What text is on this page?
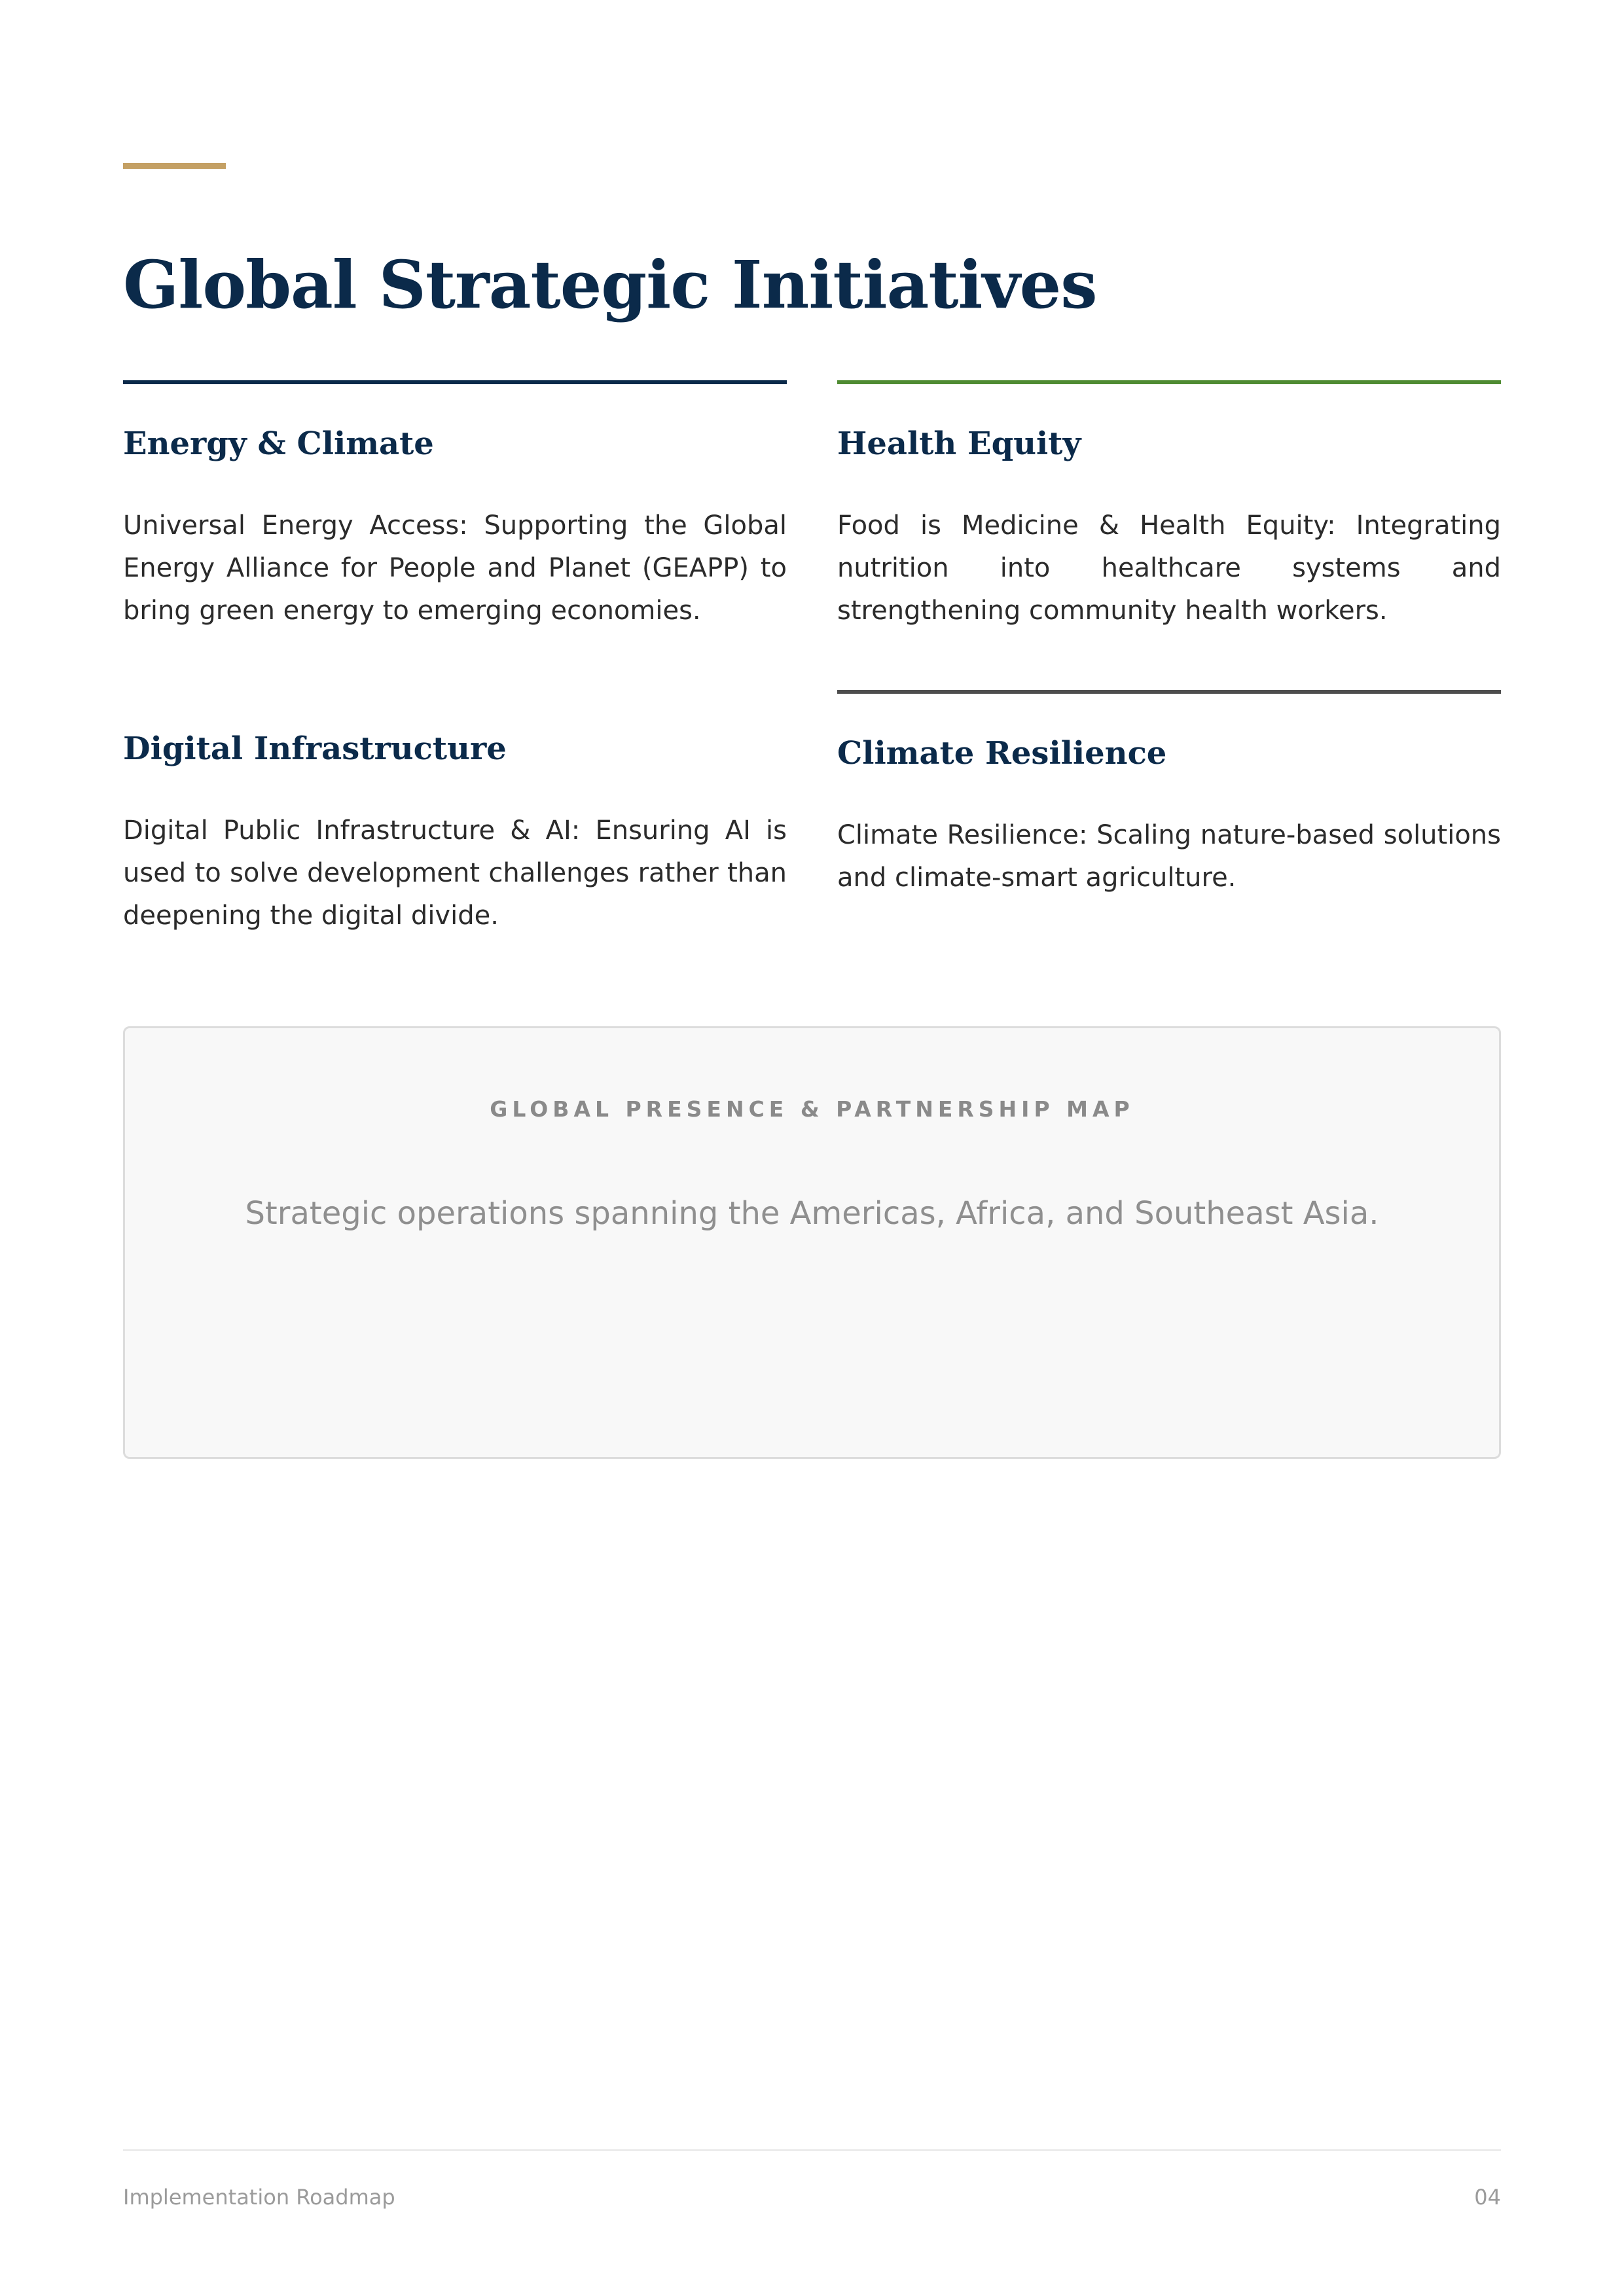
Global Strategic Initiatives
Energy & Climate

Universal Energy Access: Supporting the Global Energy Alliance for People and Planet (GEAPP) to bring green energy to emerging economies.

Health Equity

Food is Medicine & Health Equity: Integrating nutrition into healthcare systems and strengthening community health workers.

Digital Infrastructure

Digital Public Infrastructure & AI: Ensuring AI is used to solve development challenges rather than deepening the digital divide.

Climate Resilience

Climate Resilience: Scaling nature-based solutions and climate-smart agriculture.

GLOBAL PRESENCE & PARTNERSHIP MAP
Strategic operations spanning the Americas, Africa, and Southeast Asia.
Implementation Roadmap	04
